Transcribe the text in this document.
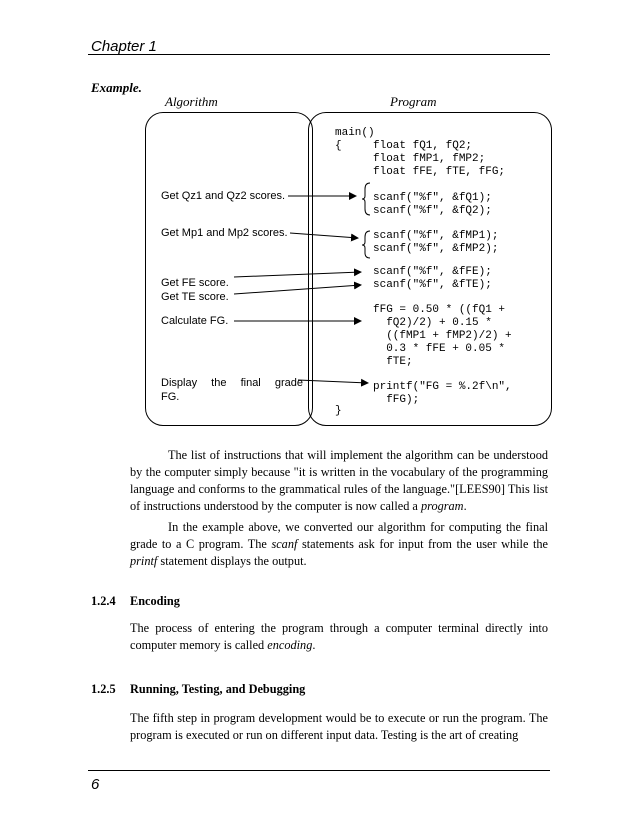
Chapter 1
Example.
Algorithm	Program
Get Qz1 and Qz2 scores.
Get Mp1 and Mp2 scores.
Get FE score.
Get TE score.
Calculate FG.
Display the final grade
FG.
main()
{	float fQ1, fQ2;
float fMP1, fMP2;
float fFE, fTE, fFG;
scanf("%f", &fQ1);
scanf("%f", &fQ2);
scanf("%f", &fMP1);
scanf("%f", &fMP2);
scanf("%f", &fFE);
scanf("%f", &fTE);
fFG = 0.50 * ((fQ1 +
fQ2)/2) + 0.15 *
((fMP1 + fMP2)/2) +
0.3 * fFE + 0.05 *
fTE;
printf("FG = %.2f\n",
fFG);
}

The list of instructions that will implement the algorithm can be understood by the computer simply because "it is written in the vocabulary of the programming language and conforms to the grammatical rules of the language."[LEES90] This list of instructions understood by the computer is now called a program.

In the example above, we converted our algorithm for computing the final grade to a C program. The scanf statements ask for input from the user while the printf statement displays the output.

1.2.4 Encoding

The process of entering the program through a computer terminal directly into computer memory is called encoding.

1.2.5 Running, Testing, and Debugging

The fifth step in program development would be to execute or run the program. The program is executed or run on different input data. Testing is the art of creating

6
